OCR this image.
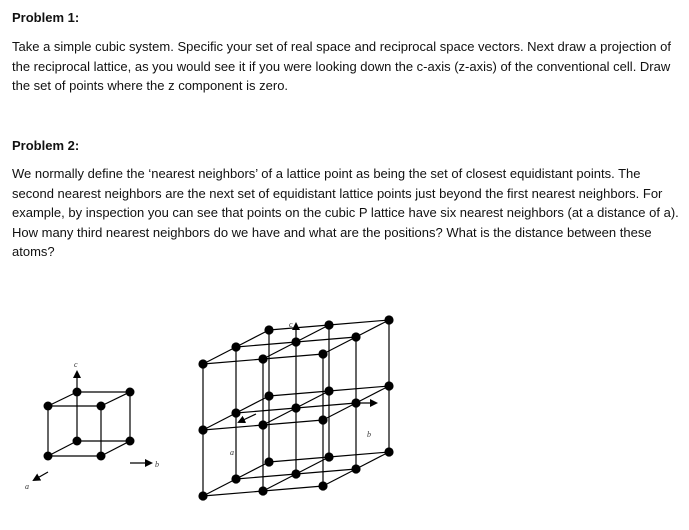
Problem 1:

Take a simple cubic system. Specific your set of real space and reciprocal space vectors. Next draw a projection of the reciprocal lattice, as you would see it if you were looking down the c-axis (z-axis) of the conventional cell. Draw the set of points where the z component is zero.

Problem 2:

We normally define the ‘nearest neighbors’ of a lattice point as being the set of closest equidistant points. The second nearest neighbors are the next set of equidistant lattice points just beyond the first nearest neighbors. For example, by inspection you can see that points on the cubic P lattice have six nearest neighbors (at a distance of a). How many third nearest neighbors do we have and what are the positions? What is the distance between these atoms?

c
b
a
c
b
a
